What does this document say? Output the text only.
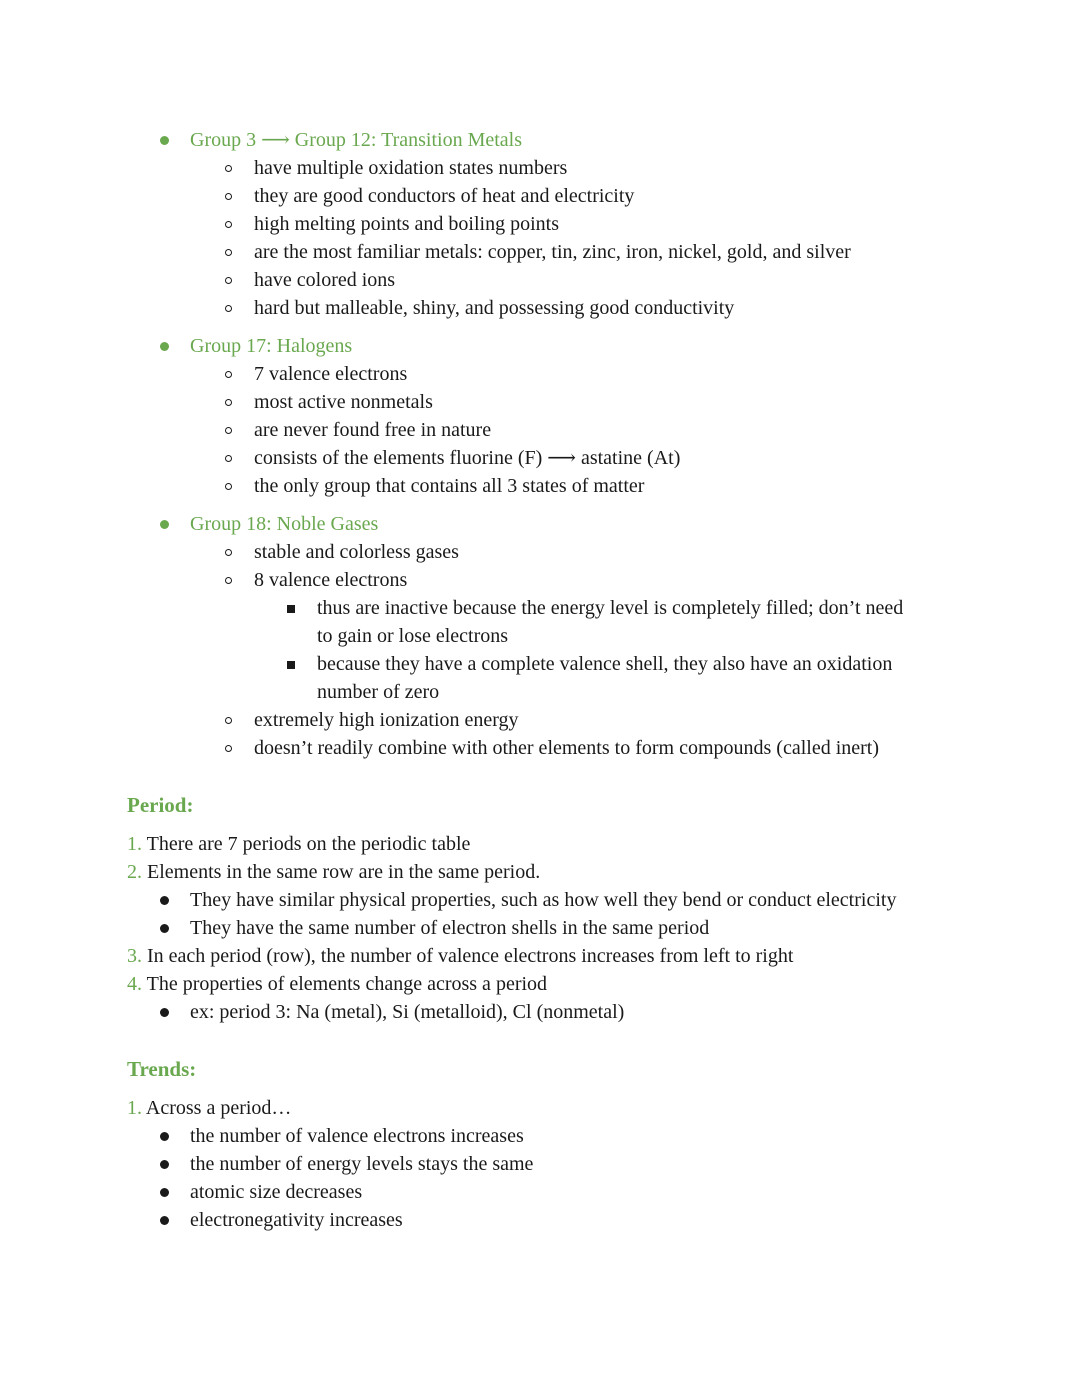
Group 3 ⟶ Group 12: Transition Metals
have multiple oxidation states numbers
they are good conductors of heat and electricity
high melting points and boiling points
are the most familiar metals: copper, tin, zinc, iron, nickel, gold, and silver
have colored ions
hard but malleable, shiny, and possessing good conductivity
Group 17: Halogens
7 valence electrons
most active nonmetals
are never found free in nature
consists of the elements fluorine (F) ⟶ astatine (At)
the only group that contains all 3 states of matter
Group 18: Noble Gases
stable and colorless gases
8 valence electrons
thus are inactive because the energy level is completely filled; don’t need
to gain or lose electrons
because they have a complete valence shell, they also have an oxidation
number of zero
extremely high ionization energy
doesn’t readily combine with other elements to form compounds (called inert)
Period:
1. There are 7 periods on the periodic table
2. Elements in the same row are in the same period.
They have similar physical properties, such as how well they bend or conduct electricity
They have the same number of electron shells in the same period
3. In each period (row), the number of valence electrons increases from left to right
4. The properties of elements change across a period
ex: period 3: Na (metal), Si (metalloid), Cl (nonmetal)
Trends:
1. Across a period…
the number of valence electrons increases
the number of energy levels stays the same
atomic size decreases
electronegativity increases
